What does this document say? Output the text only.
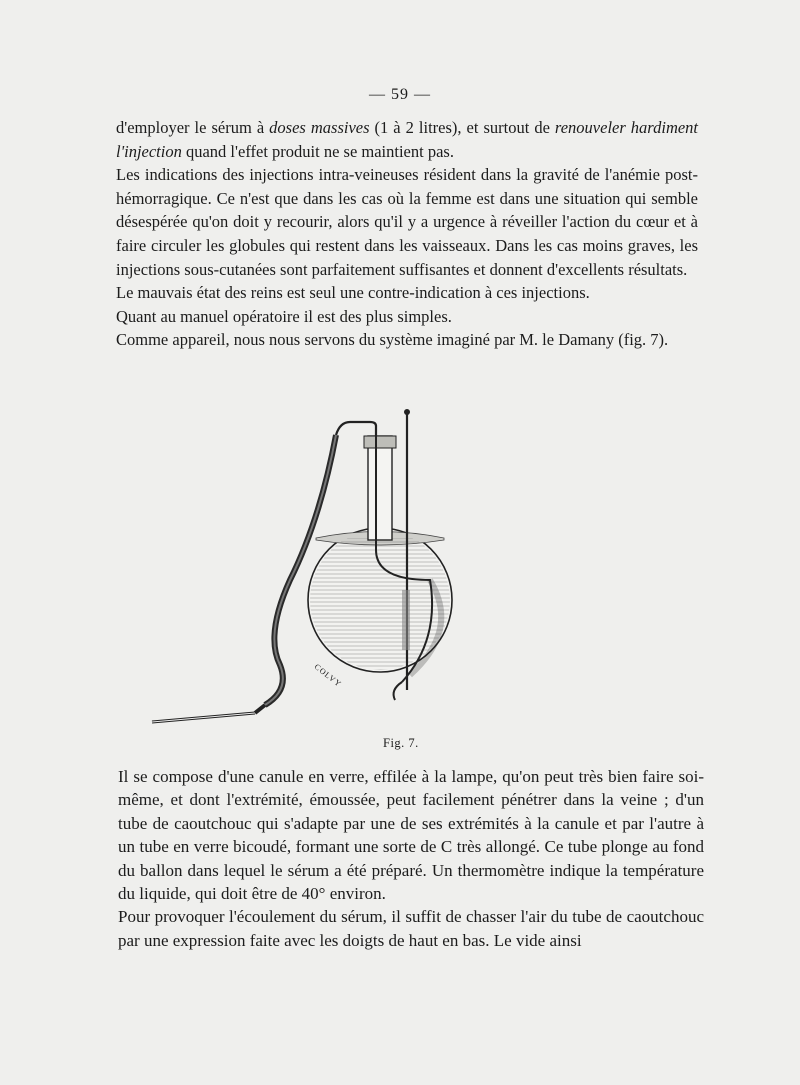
— 59 —

d'employer le sérum à doses massives (1 à 2 litres), et surtout de renouveler hardiment l'injection quand l'effet produit ne se maintient pas.

Les indications des injections intra-veineuses résident dans la gravité de l'anémie post-hémorragique. Ce n'est que dans les cas où la femme est dans une situation qui semble désespérée qu'on doit y recourir, alors qu'il y a urgence à réveiller l'action du cœur et à faire circuler les globules qui restent dans les vaisseaux. Dans les cas moins graves, les injections sous-cutanées sont parfaitement suffisantes et donnent d'excellents résultats.

Le mauvais état des reins est seul une contre-indication à ces injections.

Quant au manuel opératoire il est des plus simples.

Comme appareil, nous nous servons du système imaginé par M. le Damany (fig. 7).

COLVY
Fig. 7.

Il se compose d'une canule en verre, effilée à la lampe, qu'on peut très bien faire soi-même, et dont l'extrémité, émoussée, peut facilement pénétrer dans la veine ; d'un tube de caoutchouc qui s'adapte par une de ses extrémités à la canule et par l'autre à un tube en verre bicoudé, formant une sorte de C très allongé. Ce tube plonge au fond du ballon dans lequel le sérum a été préparé. Un thermomètre indique la température du liquide, qui doit être de 40° environ.

Pour provoquer l'écoulement du sérum, il suffit de chasser l'air du tube de caoutchouc par une expression faite avec les doigts de haut en bas. Le vide ainsi
